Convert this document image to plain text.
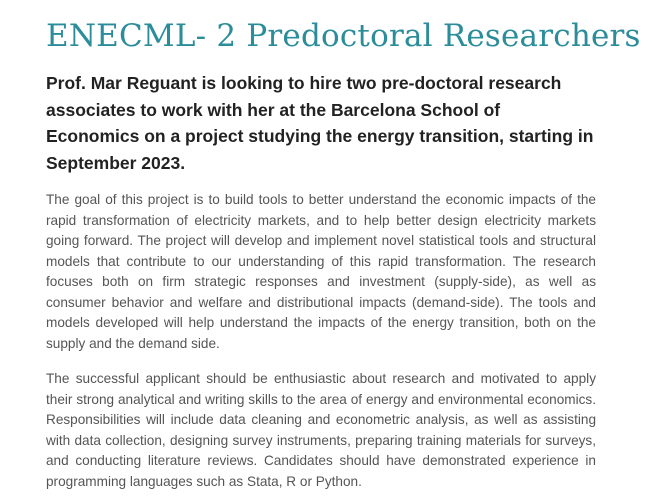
ENECML- 2 Predoctoral Researchers

Prof. Mar Reguant is looking to hire two pre-doctoral research associates to work with her at the Barcelona School of Economics on a project studying the energy transition, starting in September 2023.

The goal of this project is to build tools to better understand the economic impacts of the rapid transformation of electricity markets, and to help better design electricity markets going forward. The project will develop and implement novel statistical tools and structural models that contribute to our understanding of this rapid transformation. The research focuses both on firm strategic responses and investment (supply-side), as well as consumer behavior and welfare and distributional impacts (demand-side). The tools and models developed will help understand the impacts of the energy transition, both on the supply and the demand side.

The successful applicant should be enthusiastic about research and motivated to apply their strong analytical and writing skills to the area of energy and environmental economics. Responsibilities will include data cleaning and econometric analysis, as well as assisting with data collection, designing survey instruments, preparing training materials for surveys, and conducting literature reviews. Candidates should have demonstrated experience in programming languages such as Stata, R or Python.
